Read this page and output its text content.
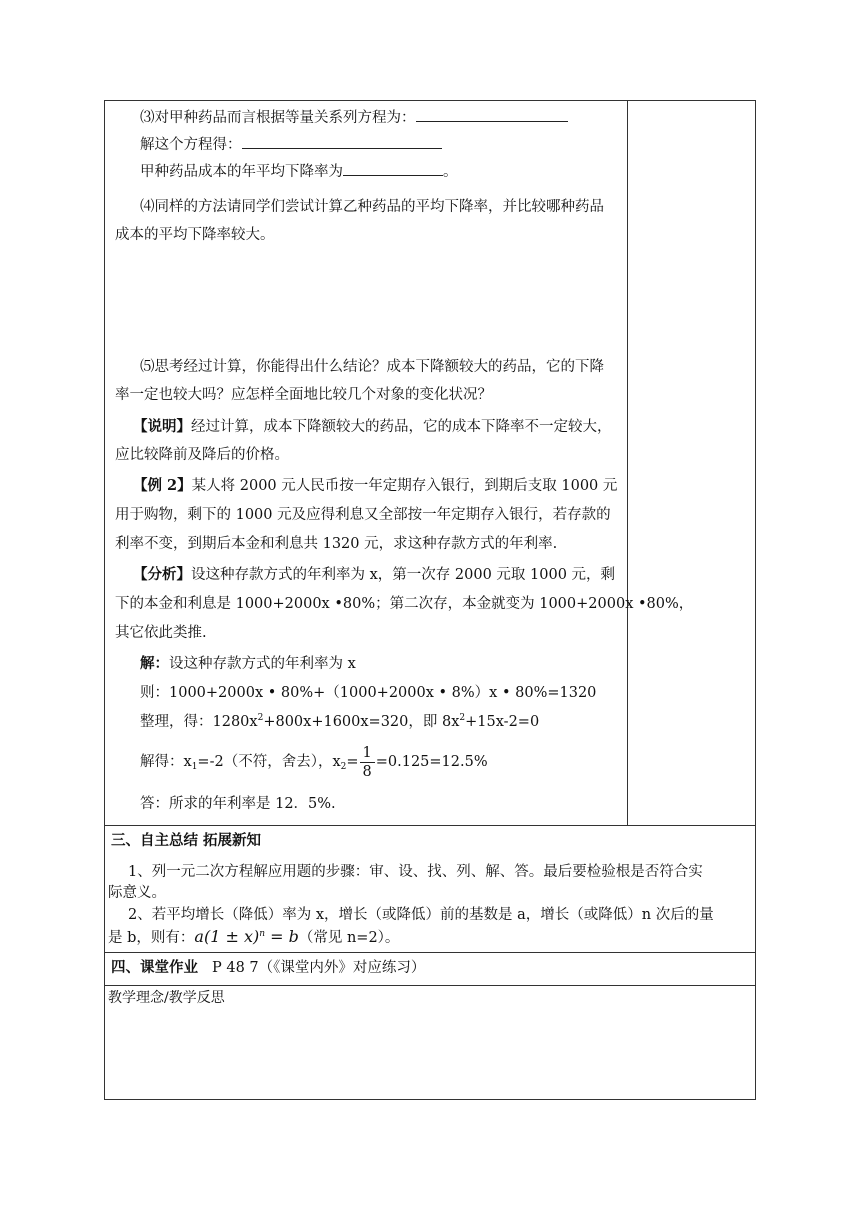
⑶对甲种药品而言根据等量关系列方程为：
解这个方程得：
甲种药品成本的年平均下降率为	。
⑷同样的方法请同学们尝试计算乙种药品的平均下降率，并比较哪种药品
成本的平均下降率较大。
⑸思考经过计算，你能得出什么结论？成本下降额较大的药品，它的下降
率一定也较大吗？应怎样全面地比较几个对象的变化状况？
【说明】经过计算，成本下降额较大的药品，它的成本下降率不一定较大，
应比较降前及降后的价格。
【例 2】某人将 2000 元人民币按一年定期存入银行，到期后支取 1000 元
用于购物，剩下的 1000 元及应得利息又全部按一年定期存入银行，若存款的
利率不变，到期后本金和利息共 1320 元，求这种存款方式的年利率.
【分析】设这种存款方式的年利率为 x，第一次存 2000 元取 1000 元，剩
下的本金和利息是 1000+2000x •80%；第二次存，本金就变为 1000+2000x •80%，
其它依此类推.
解：设这种存款方式的年利率为 x
则：1000+2000x • 80%+（1000+2000x • 8%）x • 80%=1320
整理，得：$1280x^2+800x+1600x=320$，即 $8x^2+15x-2=0$
解得：$x_1=-2$（不符，舍去），$x_2= \frac{1}{8} =0.125=12.5\%$
答：所求的年利率是 12．5%.
三、自主总结 拓展新知
1、列一元二次方程解应用题的步骤：审、设、找、列、解、答。最后要检验根是否符合实
际意义。
2、若平均增长（降低）率为 x，增长（或降低）前的基数是 a，增长（或降低）n 次后的量
是 b，则有：$a(1 \pm x)^n = b$（常见 n=2）。
四、课堂作业 P 48 7（《课堂内外》对应练习）
教学理念/教学反思
